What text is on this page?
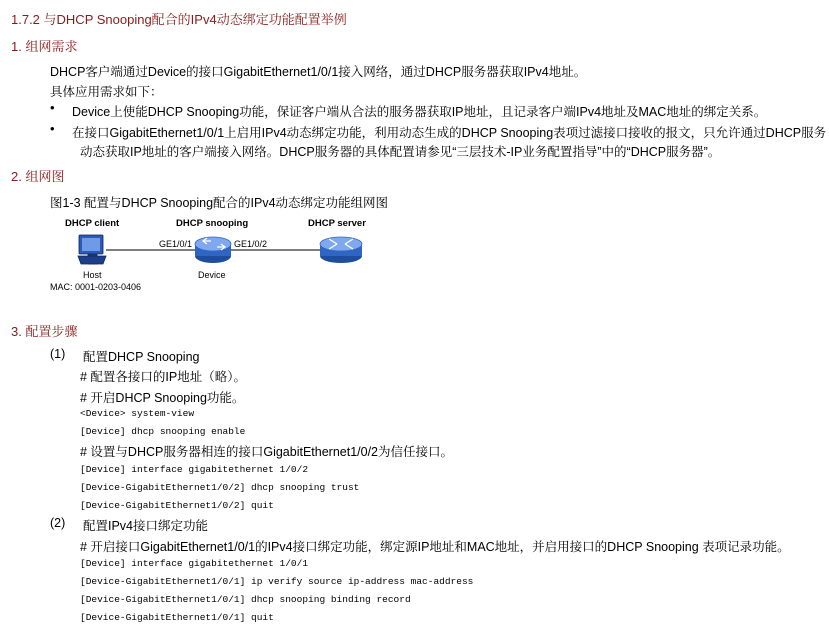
1.7.2 与DHCP Snooping配合的IPv4动态绑定功能配置举例
1. 组网需求
DHCP客户端通过Device的接口GigabitEthernet1/0/1接入网络，通过DHCP服务器获取IPv4地址。
具体应用需求如下：
• Device上使能DHCP Snooping功能，保证客户端从合法的服务器获取IP地址，且记录客户端IPv4地址及MAC地址的绑定关系。
• 在接口GigabitEthernet1/0/1上启用IPv4动态绑定功能，利用动态生成的DHCP Snooping表项过滤接口接收的报文，只允许通过DHCP服务
动态获取IP地址的客户端接入网络。DHCP服务器的具体配置请参见“三层技术-IP业务配置指导”中的“DHCP服务器”。
2. 组网图
图1-3 配置与DHCP Snooping配合的IPv4动态绑定功能组网图
DHCP client	DHCP snooping	DHCP server
GE1/0/1	GE1/0/2
Host	Device
MAC: 0001-0203-0406
3. 配置步骤
(1) 配置DHCP Snooping
# 配置各接口的IP地址（略）。
# 开启DHCP Snooping功能。
<Device> system-view
[Device] dhcp snooping enable
# 设置与DHCP服务器相连的接口GigabitEthernet1/0/2为信任接口。
[Device] interface gigabitethernet 1/0/2
[Device-GigabitEthernet1/0/2] dhcp snooping trust
[Device-GigabitEthernet1/0/2] quit
(2) 配置IPv4接口绑定功能
# 开启接口GigabitEthernet1/0/1的IPv4接口绑定功能，绑定源IP地址和MAC地址，并启用接口的DHCP Snooping 表项记录功能。
[Device] interface gigabitethernet 1/0/1
[Device-GigabitEthernet1/0/1] ip verify source ip-address mac-address
[Device-GigabitEthernet1/0/1] dhcp snooping binding record
[Device-GigabitEthernet1/0/1] quit
